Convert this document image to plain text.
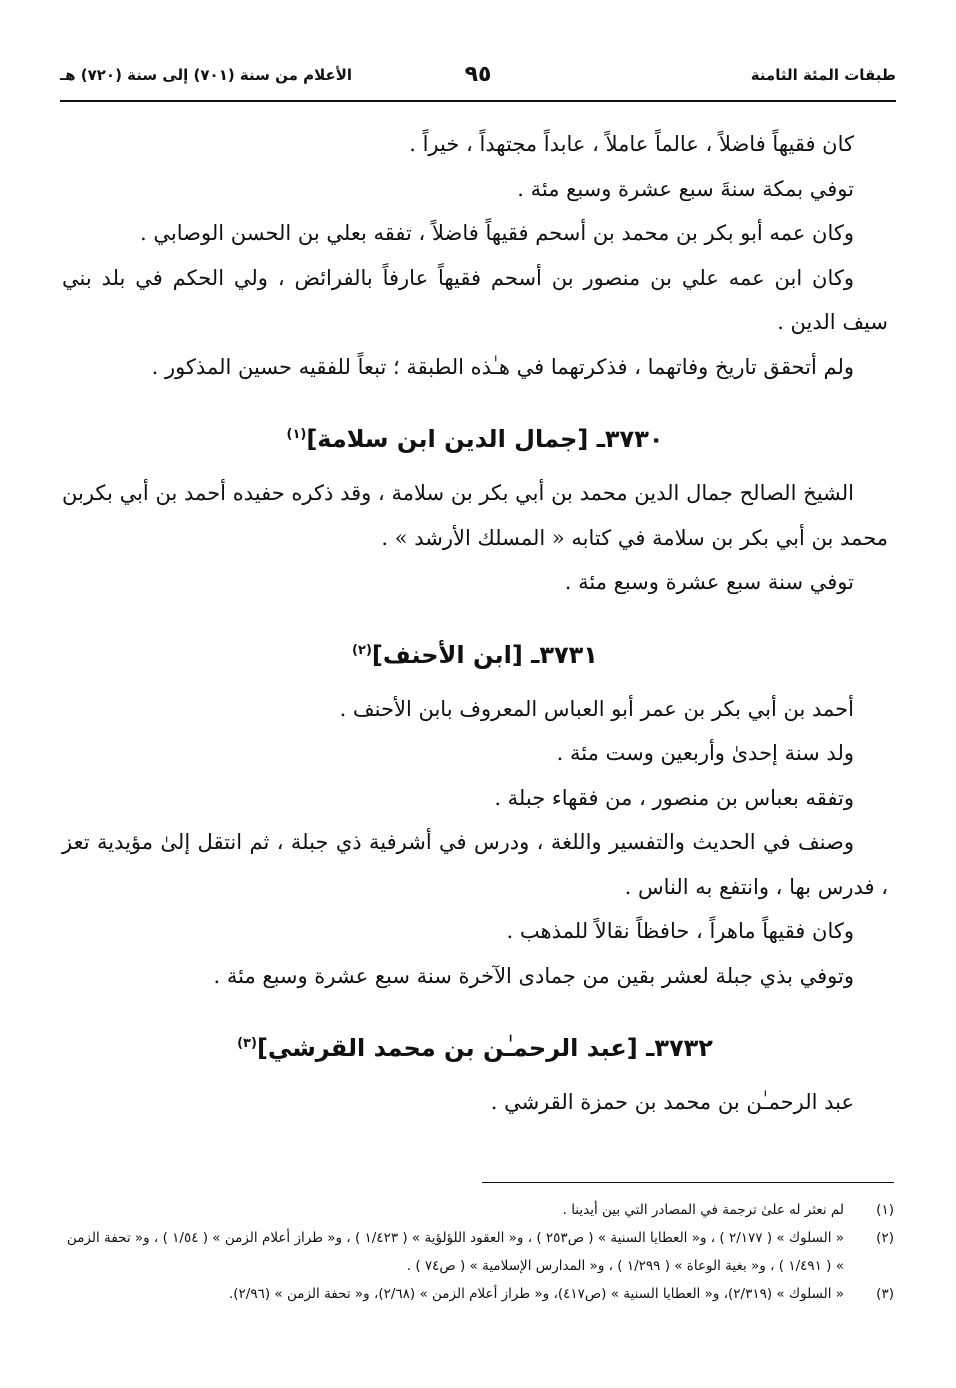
طبقات المئة الثامنة
٩٥
الأعلام من سنة (٧٠١) إلى سنة (٧٢٠) هـ

كان فقيهاً فاضلاً ، عالماً عاملاً ، عابداً مجتهداً ، خيراً .

توفي بمكة سنةَ سبع عشرة وسبع مئة .

وكان عمه أبو بكر بن محمد بن أسحم فقيهاً فاضلاً ، تفقه بعلي بن الحسن الوصابي .

وكان ابن عمه علي بن منصور بن أسحم فقيهاً عارفاً بالفرائض ، ولي الحكم في بلد بني سيف الدين .

ولم أتحقق تاريخ وفاتهما ، فذكرتهما في هـٰذه الطبقة ؛ تبعاً للفقيه حسين المذكور .

٣٧٣٠ـ [جمال الدين ابن سلامة]$^{(١)}$

الشيخ الصالح جمال الدين محمد بن أبي بكر بن سلامة ، وقد ذكره حفيده أحمد بن أبي بكربن محمد بن أبي بكر بن سلامة في كتابه « المسلك الأرشد » .

توفي سنة سبع عشرة وسبع مئة .

٣٧٣١ـ [ابن الأحنف]$^{(٢)}$

أحمد بن أبي بكر بن عمر أبو العباس المعروف بابن الأحنف .

ولد سنة إحدىٰ وأربعين وست مئة .

وتفقه بعباس بن منصور ، من فقهاء جبلة .

وصنف في الحديث والتفسير واللغة ، ودرس في أشرفية ذي جبلة ، ثم انتقل إلىٰ مؤيدية تعز ، فدرس بها ، وانتفع به الناس .

وكان فقيهاً ماهراً ، حافظاً نقالاً للمذهب .

وتوفي بذي جبلة لعشر بقين من جمادى الآخرة سنة سبع عشرة وسبع مئة .

٣٧٣٢ـ [عبد الرحمـٰن بن محمد القرشي]$^{(٣)}$

عبد الرحمـٰن بن محمد بن حمزة القرشي .

(١)
لم نعثر له علىٰ ترجمة في المصادر التي بين أيدينا .

(٢)
« السلوك » ( ٢/١٧٧ ) ، و« العطايا السنية » ( ص٢٥٣ ) ، و« العقود اللؤلؤية » ( ١/٤٢٣ ) ، و« طراز أعلام الزمن » ( ١/٥٤ ) ، و« تحفة الزمن » ( ١/٤٩١ ) ، و« بغية الوعاة » ( ١/٢٩٩ ) ، و« المدارس الإسلامية » ( ص٧٤ ) .

(٣)
« السلوك » (٢/٣١٩)، و« العطايا السنية » (ص٤١٧)، و« طراز أعلام الزمن » (٢/٦٨)، و« تحفة الزمن » (٢/٩٦).
